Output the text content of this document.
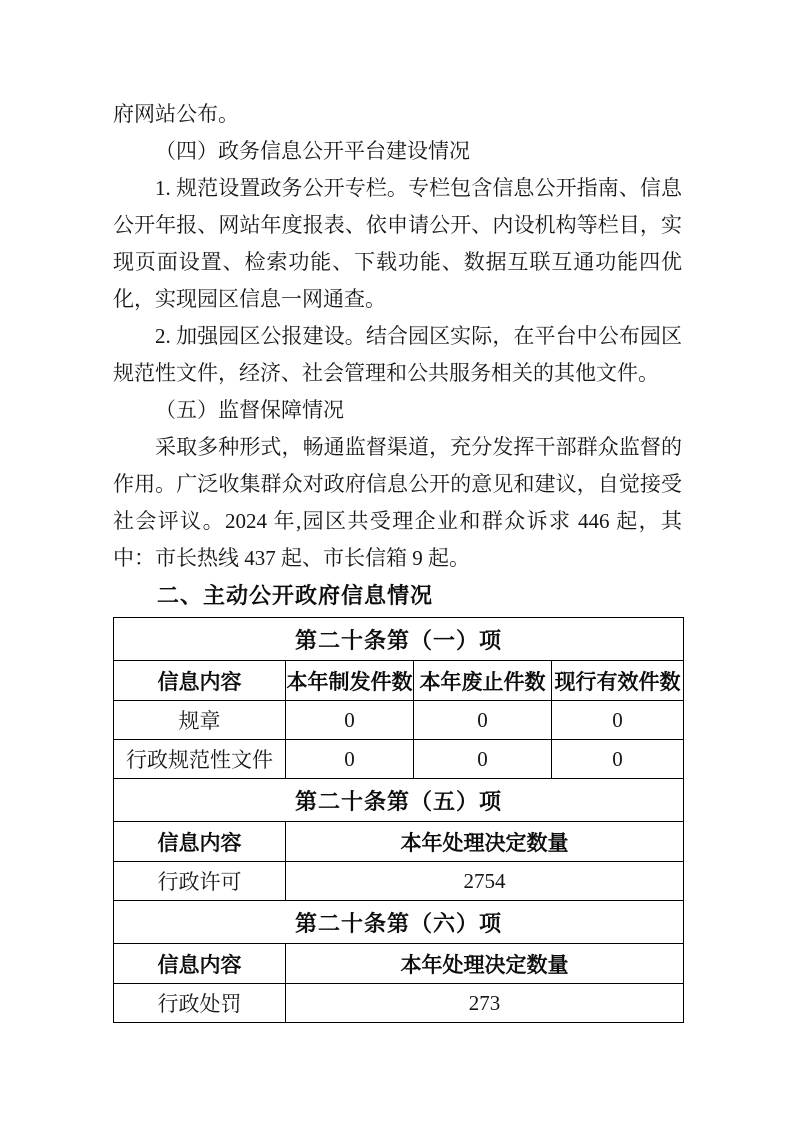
府网站公布。

（四）政务信息公开平台建设情况

1. 规范设置政务公开专栏。专栏包含信息公开指南、信息公开年报、网站年度报表、依申请公开、内设机构等栏目，实现页面设置、检索功能、下载功能、数据互联互通功能四优化，实现园区信息一网通查。

2. 加强园区公报建设。结合园区实际，在平台中公布园区规范性文件，经济、社会管理和公共服务相关的其他文件。

（五）监督保障情况

采取多种形式，畅通监督渠道，充分发挥干部群众监督的作用。广泛收集群众对政府信息公开的意见和建议，自觉接受社会评议。2024 年,园区共受理企业和群众诉求 446 起，其中：市长热线 437 起、市长信箱 9 起。

二、主动公开政府信息情况
第二十条第（一）项			
信息内容	本年制发件数	本年废止件数	现行有效件数
规章	0	0	0
行政规范性文件	0	0	0
第二十条第（五）项			
信息内容	本年处理决定数量		
行政许可	2754		
第二十条第（六）项			
信息内容	本年处理决定数量		
行政处罚	273		
